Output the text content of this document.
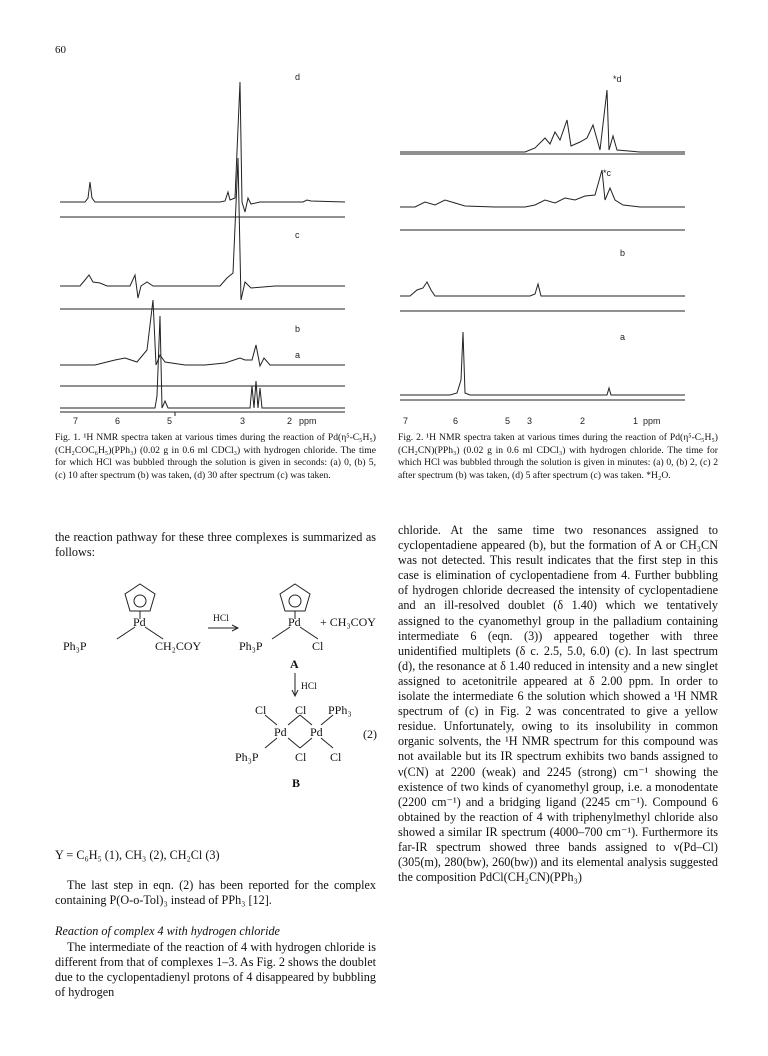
60
d
c
b
a
7	6	5	3	2 ppm
Fig. 1. ¹H NMR spectra taken at various times during the reaction of Pd(η⁵-C₅H₅)(CH₂COC₆H₅)(PPh₃) (0.02 g in 0.6 ml CDCl₃) with hydrogen chloride. The time for which HCl was bubbled through the solution is given in seconds: (a) 0, (b) 5, (c) 10 after spectrum (b) was taken, (d) 30 after spectrum (c) was taken.
*d
*c
b
a
7	6	5 3	2	1 ppm
Fig. 2. ¹H NMR spectra taken at various times during the reaction of Pd(η⁵-C₅H₅)(CH₂CN)(PPh₃) (0.02 g in 0.6 ml CDCl₃) with hydrogen chloride. The time for which HCl was bubbled through the solution is given in minutes: (a) 0, (b) 2, (c) 2 after spectrum (b) was taken, (d) 5 after spectrum (c) was taken. *H₂O.
the reaction pathway for these three complexes is summarized as follows:
Pd
Ph₃P	CH₂COY
HCl	Pd + CH₃COY
Ph₃P	Cl
A
HCl
Cl Cl PPh₃
Pd Pd	(2)
Ph₃P	Cl Cl
B
Y = C₆H₅ (1), CH₃ (2), CH₂Cl (3)
The last step in eqn. (2) has been reported for the complex containing P(O-o-Tol)₃ instead of PPh₃ [12].
Reaction of complex 4 with hydrogen chloride
The intermediate of the reaction of 4 with hydrogen chloride is different from that of complexes 1–3. As Fig. 2 shows the doublet due to the cyclopentadienyl protons of 4 disappeared by bubbling of hydrogen
chloride. At the same time two resonances assigned to cyclopentadiene appeared (b), but the formation of A or CH₃CN was not detected. This result indicates that the first step in this case is elimination of cyclopentadiene from 4. Further bubbling of hydrogen chloride decreased the intensity of cyclopentadiene and an ill-resolved doublet (δ 1.40) which we tentatively assigned to the cyanomethyl group in the palladium containing intermediate 6 (eqn. (3)) appeared together with three unidentified multiplets (δ c. 2.5, 5.0, 6.0) (c). In last spectrum (d), the resonance at δ 1.40 reduced in intensity and a new singlet assigned to acetonitrile appeared at δ 2.00 ppm. In order to isolate the intermediate 6 the solution which showed a ¹H NMR spectrum of (c) in Fig. 2 was concentrated to give a yellow residue. Unfortunately, owing to its insolubility in common organic solvents, the ¹H NMR spectrum for this compound was not available but its IR spectrum exhibits two bands assigned to ν(CN) at 2200 (weak) and 2245 (strong) cm⁻¹ showing the existence of two kinds of cyanomethyl group, i.e. a monodentate (2200 cm⁻¹) and a bridging ligand (2245 cm⁻¹). Compound 6 obtained by the reaction of 4 with triphenylmethyl chloride also showed a similar IR spectrum (4000–700 cm⁻¹). Furthermore its far-IR spectrum showed three bands assigned to ν(Pd–Cl) (305(m), 280(bw), 260(bw)) and its elemental analysis suggested the composition PdCl(CH₂CN)(PPh₃)
